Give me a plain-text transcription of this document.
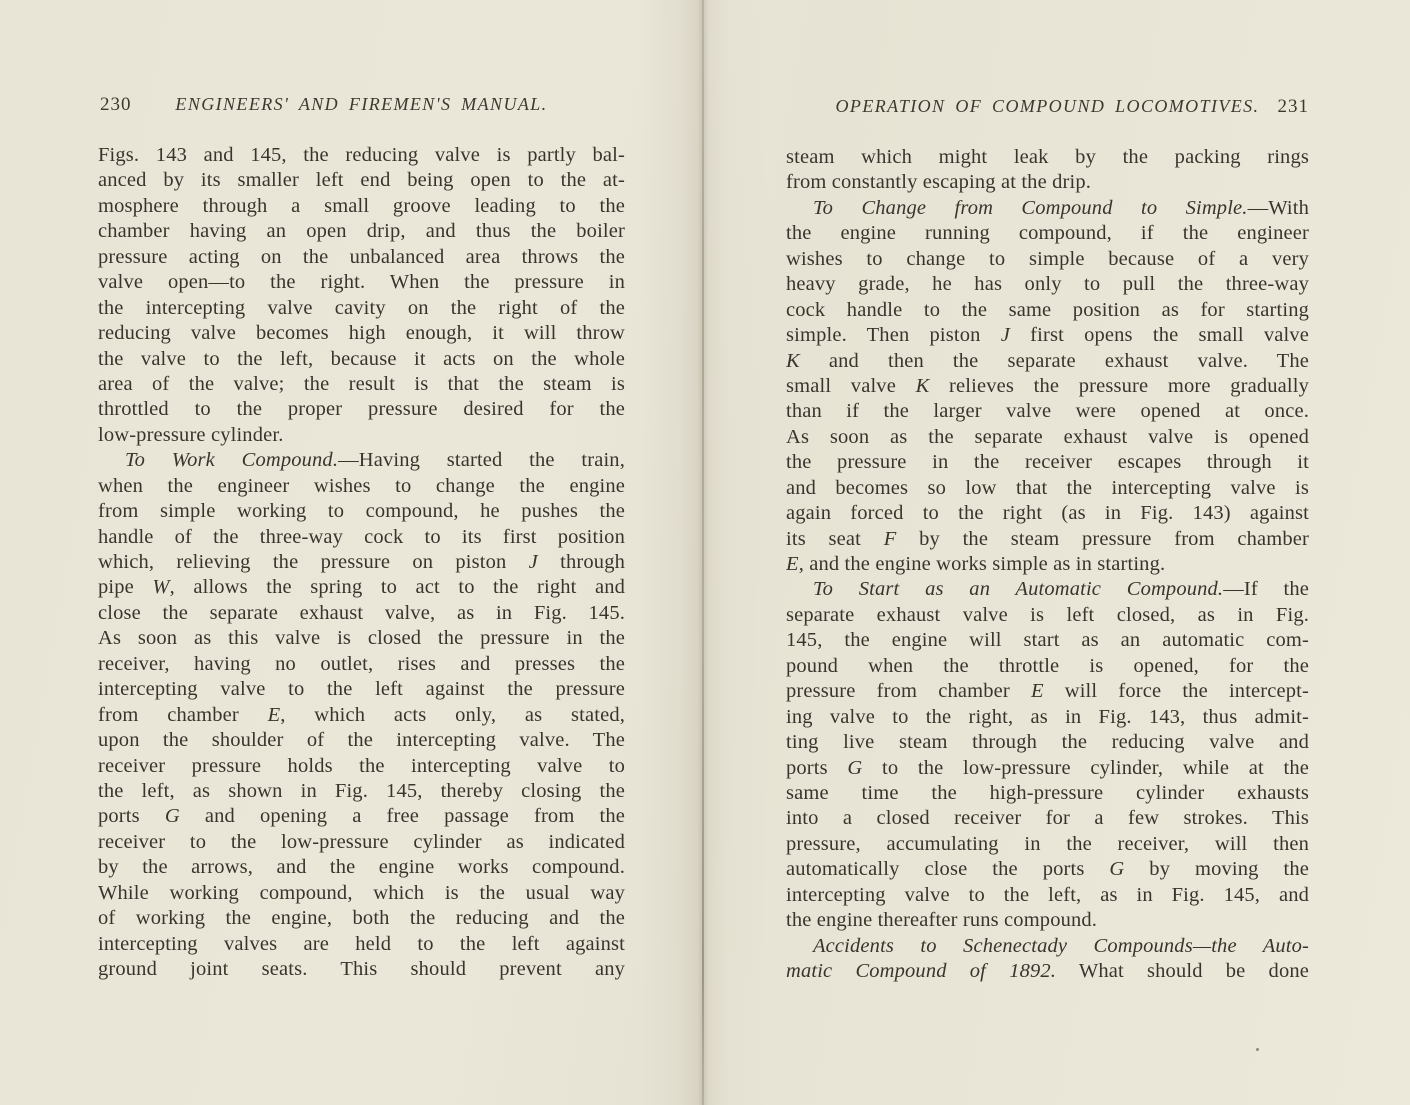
230	ENGINEERS' AND FIREMEN'S MANUAL.
Figs. 143 and 145, the reducing valve is partly bal-
anced by its smaller left end being open to the at-
mosphere through a small groove leading to the
chamber having an open drip, and thus the boiler
pressure acting on the unbalanced area throws the
valve open—to the right. When the pressure in
the intercepting valve cavity on the right of the
reducing valve becomes high enough, it will throw
the valve to the left, because it acts on the whole
area of the valve; the result is that the steam is
throttled to the proper pressure desired for the
low-pressure cylinder.
To Work Compound.—Having started the train,
when the engineer wishes to change the engine
from simple working to compound, he pushes the
handle of the three-way cock to its first position
which, relieving the pressure on piston J through
pipe W, allows the spring to act to the right and
close the separate exhaust valve, as in Fig. 145.
As soon as this valve is closed the pressure in the
receiver, having no outlet, rises and presses the
intercepting valve to the left against the pressure
from chamber E, which acts only, as stated,
upon the shoulder of the intercepting valve. The
receiver pressure holds the intercepting valve to
the left, as shown in Fig. 145, thereby closing the
ports G and opening a free passage from the
receiver to the low-pressure cylinder as indicated
by the arrows, and the engine works compound.
While working compound, which is the usual way
of working the engine, both the reducing and the
intercepting valves are held to the left against
ground joint seats. This should prevent any
OPERATION OF COMPOUND LOCOMOTIVES. 231
steam which might leak by the packing rings
from constantly escaping at the drip.
To Change from Compound to Simple.—With
the engine running compound, if the engineer
wishes to change to simple because of a very
heavy grade, he has only to pull the three-way
cock handle to the same position as for starting
simple. Then piston J first opens the small valve
K and then the separate exhaust valve. The
small valve K relieves the pressure more gradually
than if the larger valve were opened at once.
As soon as the separate exhaust valve is opened
the pressure in the receiver escapes through it
and becomes so low that the intercepting valve is
again forced to the right (as in Fig. 143) against
its seat F by the steam pressure from chamber
E, and the engine works simple as in starting.
To Start as an Automatic Compound.—If the
separate exhaust valve is left closed, as in Fig.
145, the engine will start as an automatic com-
pound when the throttle is opened, for the
pressure from chamber E will force the intercept-
ing valve to the right, as in Fig. 143, thus admit-
ting live steam through the reducing valve and
ports G to the low-pressure cylinder, while at the
same time the high-pressure cylinder exhausts
into a closed receiver for a few strokes. This
pressure, accumulating in the receiver, will then
automatically close the ports G by moving the
intercepting valve to the left, as in Fig. 145, and
the engine thereafter runs compound.
Accidents to Schenectady Compounds—the Auto-
matic Compound of 1892. What should be done
